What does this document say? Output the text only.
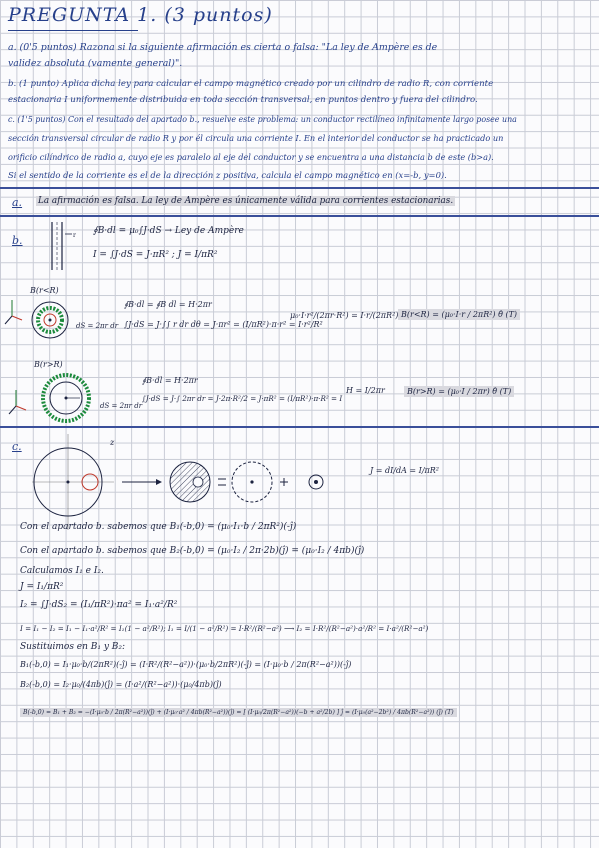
PREGUNTA 1. (3 puntos)
a. (0'5 puntos) Razona si la siguiente afirmación es cierta o falsa: "La ley de Ampère es de
validez absoluta (vamente general)".
b. (1 punto) Aplica dicha ley para calcular el campo magnético creado por un cilindro de radio R, con corriente
estacionaria I uniformemente distribuida en toda sección transversal, en puntos dentro y fuera del cilindro.
c. (1'5 puntos) Con el resultado del apartado b., resuelve este problema: un conductor rectilíneo infinitamente largo posee una
sección transversal circular de radio R y por él circula una corriente I. En el interior del conductor se ha practicado un
orificio cilíndrico de radio a, cuyo eje es paralelo al eje del conductor y se encuentra a una distancia b de este (b>a).
Si el sentido de la corriente es el de la dirección z positiva, calcula el campo magnético en (x=-b, y=0).
a. La afirmación es falsa. La ley de Ampère es únicamente válida para corrientes estacionarias.
b.	r ∮B·dl = μ₀∫J·dS → Ley de Ampère
I = ∫J·dS = J·πR² ; J = I/πR²
B(r<R)
dS = 2πr dr
∮B·dl = ∮B dl = H·2πr
∫J·dS = J·∫∫ r dr dθ = J·πr² = (I/πR²)·π·r² = I·r²/R²
μ₀·I·r²/(2πr·R²) = I·r/(2πR²) B(r<R) = (μ₀·I·r / 2πR²) θ̂ (T)
B(r>R)
dS = 2πr dr
∮B·dl = H·2πr
∫J·dS = J·∫ 2πr dr = J·2π·R²/2 = J·πR² = (I/πR²)·π·R² = I
H = I/2πr	B(r>R) = (μ₀·I / 2πr) θ̂ (T)
c.	z
J = dI/dA = I/πR²
Con el apartado b. sabemos que B₁(-b,0) = (μ₀·I₁·b / 2πR²)(-ĵ)
Con el apartado b. sabemos que B₂(-b,0) = (μ₀·I₂ / 2π·2b)(ĵ) = (μ₀·I₂ / 4πb)(ĵ)
Calculamos I₁ e I₂.
J = I₁/πR²
I₂ = ∫J·dS₂ = (I₁/πR²)·πa² = I₁·a²/R²
I = I₁ − I₂ = I₁ − I₁·a²/R² = I₁(1 − a²/R²); I₁ = I/(1 − a²/R²) = I·R²/(R²−a²) ⟶ I₂ = I·R²/(R²−a²)·a²/R² = I·a²/(R²−a²)
Sustituimos en B₁ y B₂:
B₁(-b,0) = I₁·μ₀·b/(2πR²)(-ĵ) = (I·R²/(R²−a²))·(μ₀·b/2πR²)(-ĵ) = (I·μ₀·b / 2π(R²−a²))(-ĵ)
B₂(-b,0) = I₂·μ₀/(4πb)(ĵ) = (I·a²/(R²−a²))·(μ₀/4πb)(ĵ)
B(-b,0) = B₁ + B₂ = −(I·μ₀·b / 2π(R²−a²))(ĵ) + (I·μ₀·a² / 4πb(R²−a²))(ĵ) = [ (I·μ₀/2π(R²−a²))(−b + a²/2b) ] ĵ = (I·μ₀(a²−2b²) / 4πb(R²−a²)) (ĵ) (T)
